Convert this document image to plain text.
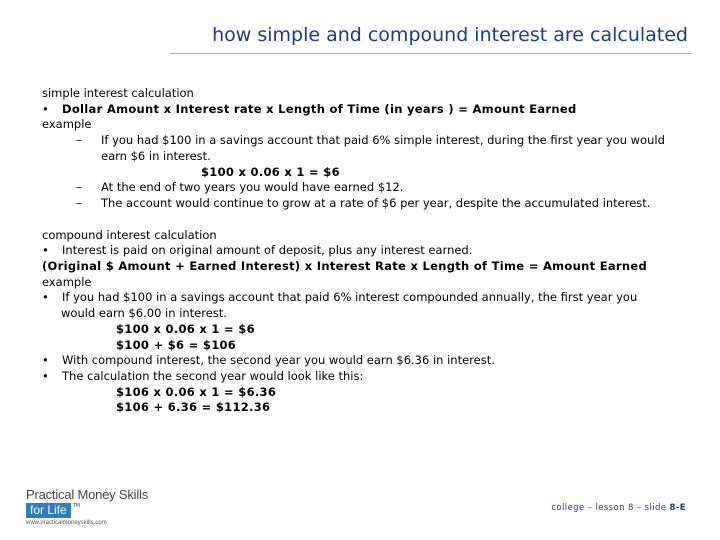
how simple and compound interest are calculated
simple interest calculation
•	Dollar Amount x Interest rate x Length of Time (in years ) = Amount Earned
example
–	If you had $100 in a savings account that paid 6% simple interest, during the first year you would earn $6 in interest.
$100 x 0.06 x 1 = $6
–	At the end of two years you would have earned $12.
–	The account would continue to grow at a rate of $6 per year, despite the accumulated interest.
compound interest calculation
•	Interest is paid on original amount of deposit, plus any interest earned.
(Original $ Amount + Earned Interest) x Interest Rate x Length of Time = Amount Earned
example
•	If you had $100 in a savings account that paid 6% interest compounded annually, the first year you
would earn $6.00 in interest.
$100 x 0.06 x 1 = $6
$100 + $6 = $106
•	With compound interest, the second year you would earn $6.36 in interest.
•	The calculation the second year would look like this:
$106 x 0.06 x 1 = $6.36
$106 + 6.36 = $112.36
Practical Money Skills
for Life	TM
www.practicalmoneyskills.com
college – lesson 8 – slide 8-E
